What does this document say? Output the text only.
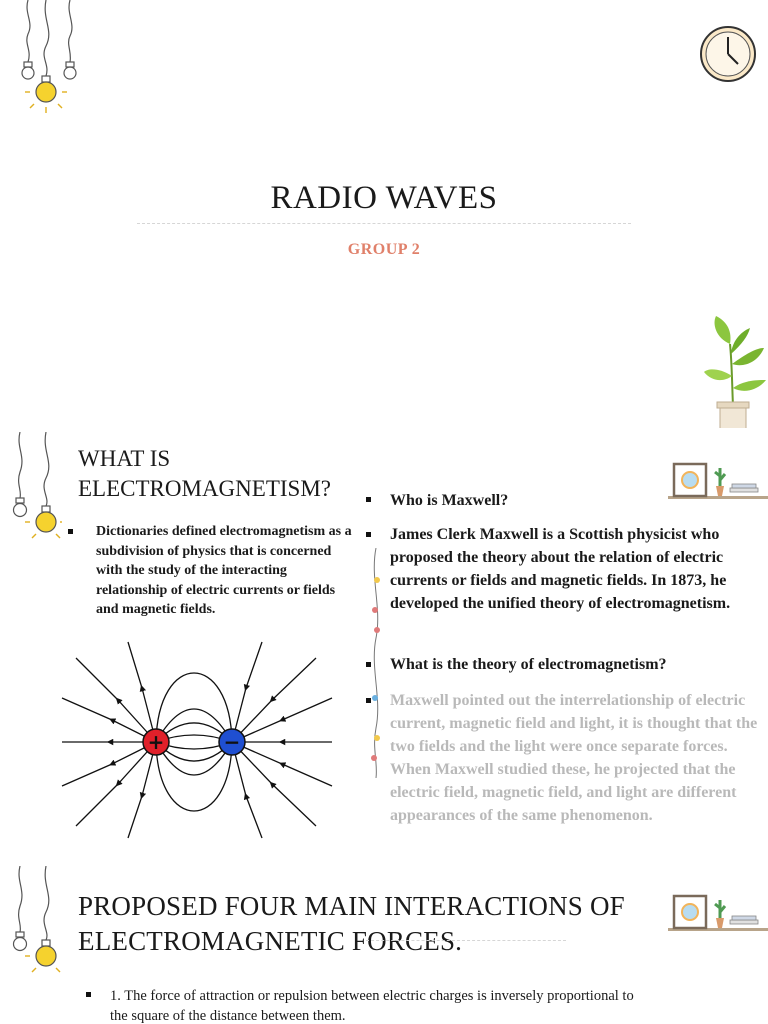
RADIO WAVES
GROUP 2
WHAT IS
ELECTROMAGNETISM?
Dictionaries defined electromagnetism as a subdivision of physics that is concerned with the study of the interacting relationship of electric currents or fields and magnetic fields.
Who is Maxwell?
James Clerk Maxwell is a Scottish physicist who proposed the theory about the relation of electric currents or fields and magnetic fields. In 1873, he developed the unified theory of electromagnetism.
What is the theory of electromagnetism?
Maxwell pointed out the interrelationship of electric current, magnetic field and light, it is thought that the two fields and the light were once separate forces. When Maxwell studied these, he projected that the electric field, magnetic field, and light are different appearances of the same phenomenon.
+	−
PROPOSED FOUR MAIN INTERACTIONS OF
ELECTROMAGNETIC FORCES.
1. The force of attraction or repulsion between electric charges is inversely proportional to the square of the distance between them.
